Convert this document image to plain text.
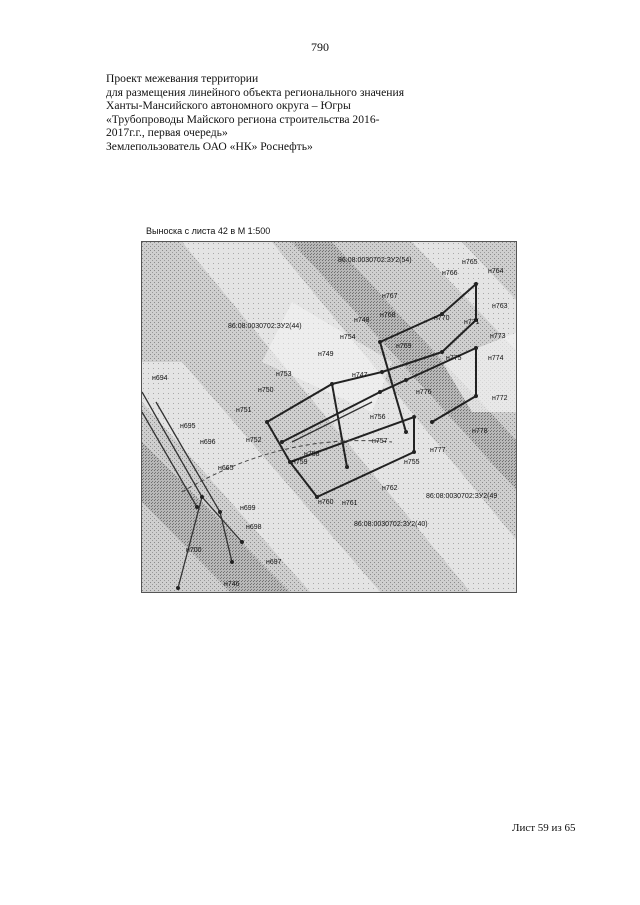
790
Проект межевания территории
для размещения линейного объекта регионального значения
Ханты-Мансийского автономного округа – Югры
«Трубопроводы Майского региона строительства 2016-
2017г.г., первая очередь»
Землепользователь ОАО «НК» Роснефть»
Выноска с листа 42 в М 1:500
86:08:0030702:ЗУ2(54)
86:08:0030702:ЗУ2(44)
86:08:0030702:ЗУ2(49
86:08:0030702:ЗУ2(40)
н765
н766	н764
н767
н763
н748
н768	н770
н771
н754	н773
н749
н769
н775	н774
н753	н747
н694
н750	н776
н772
н751
н756
н695
н778
н696	н752	н757
н758
н759
н777
н665
н755
н762
н699
н760 н761
н698
н700
н697
н746
Лист 59 из 65
